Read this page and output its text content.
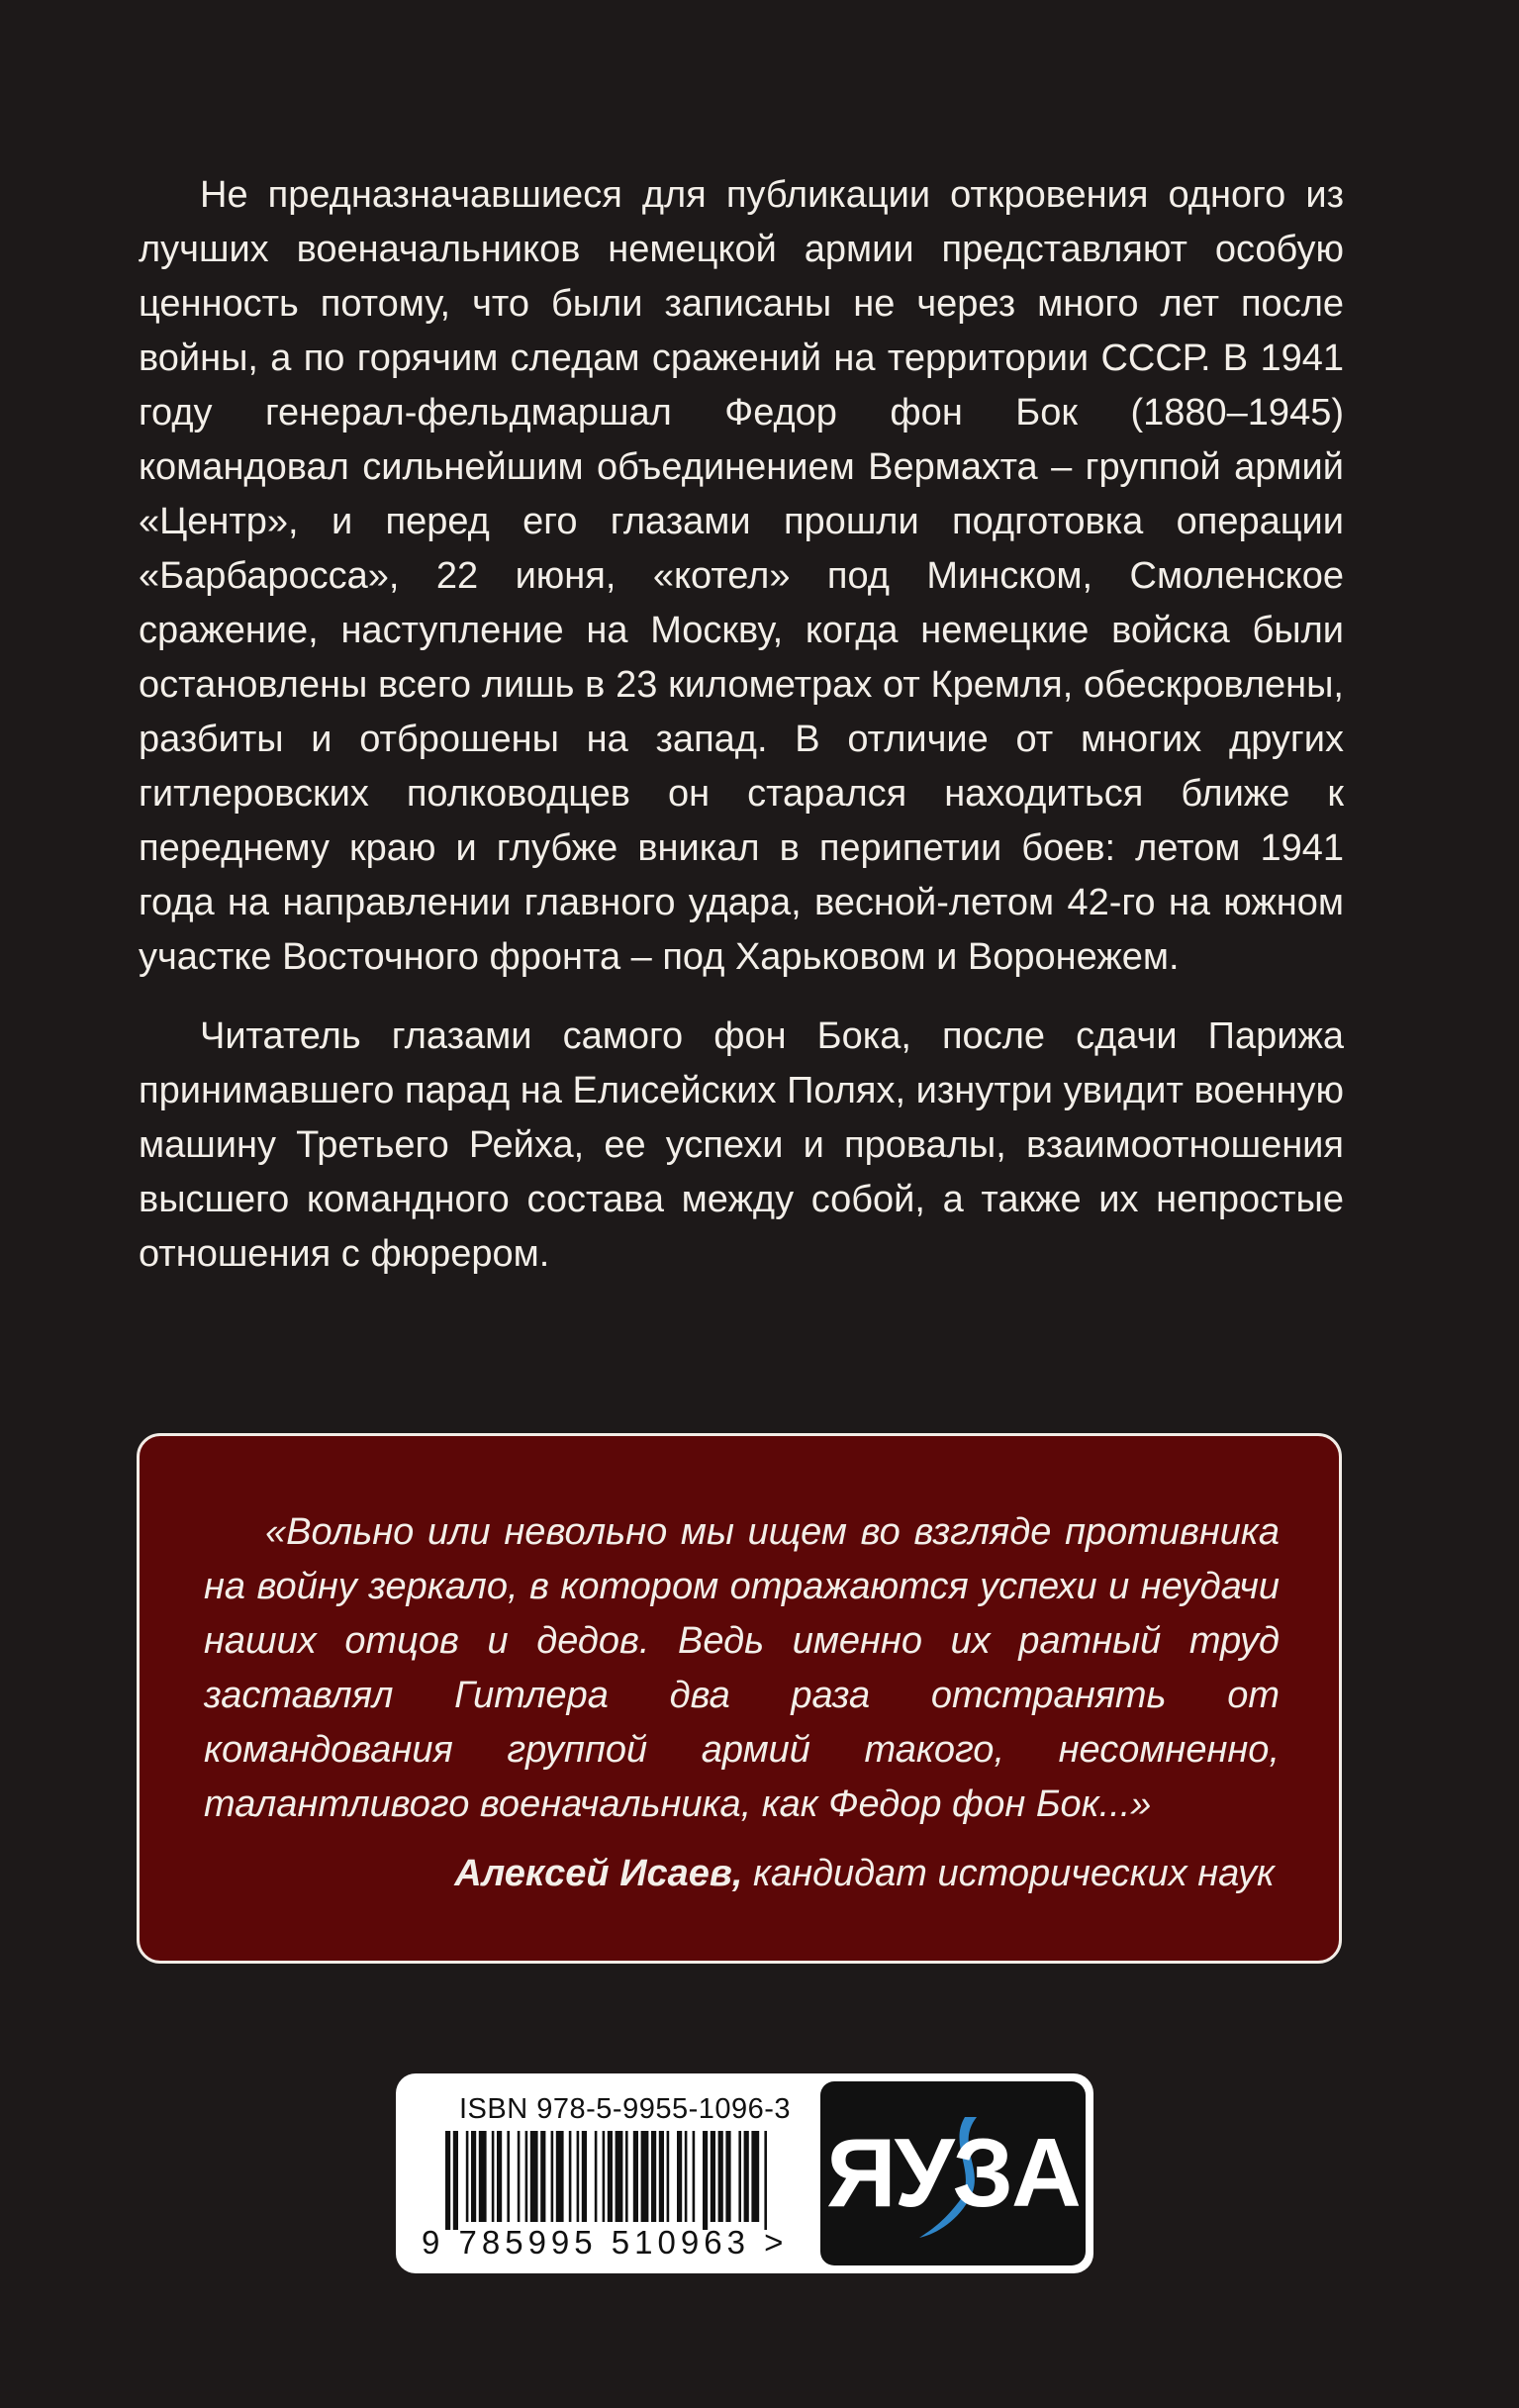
Не предназначавшиеся для публикации откровения одного из лучших военачальников немецкой армии представляют особую ценность потому, что были записаны не через много лет после войны, а по горячим следам сражений на территории СССР. В 1941 году генерал-фельдмаршал Федор фон Бок (1880–1945) командовал сильнейшим объединением Вермахта – группой армий «Центр», и перед его глазами прошли подготовка операции «Барбаросса», 22 июня, «котел» под Минском, Смоленское сражение, наступление на Москву, когда немецкие войска были остановлены всего лишь в 23 километрах от Кремля, обескровлены, разбиты и отброшены на запад. В отличие от многих других гитлеровских полководцев он старался находиться ближе к переднему краю и глубже вникал в перипетии боев: летом 1941 года на направлении главного удара, весной-летом 42-го на южном участке Восточного фронта – под Харьковом и Воронежем.

Читатель глазами самого фон Бока, после сдачи Парижа принимавшего парад на Елисейских Полях, изнутри увидит военную машину Третьего Рейха, ее успехи и провалы, взаимоотношения высшего командного состава между собой, а также их непростые отношения с фюрером.

«Вольно или невольно мы ищем во взгляде противника на войну зеркало, в котором отражаются успехи и неудачи наших отцов и дедов. Ведь именно их ратный труд заставлял Гитлера два раза отстранять от командования группой армий такого, несомненно, талантливого военачальника, как Федор фон Бок...»

Алексей Исаев, кандидат исторических наук

ISBN 978-5-9955-1096-3
9 785995 510963 >
ЯУЗА
